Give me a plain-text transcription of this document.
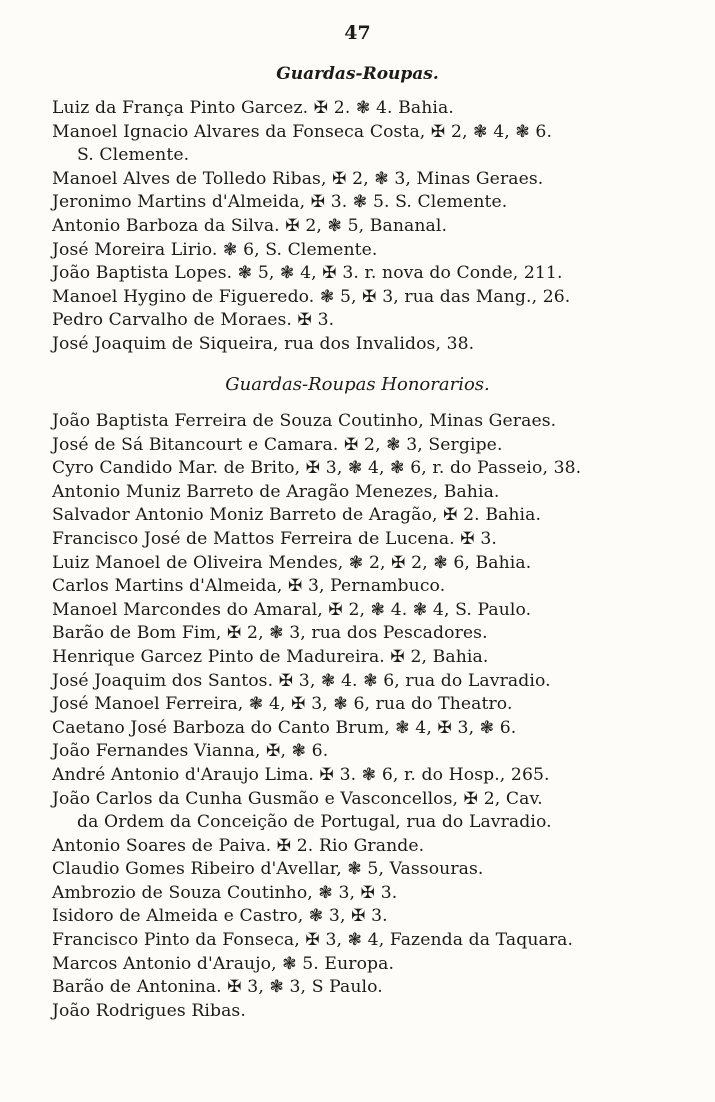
47
Guardas-Roupas.
Luiz da França Pinto Garcez. ✠ 2. ❃ 4. Bahia.
Manoel Ignacio Alvares da Fonseca Costa, ✠ 2, ❃ 4, ❃ 6.
S. Clemente.
Manoel Alves de Tolledo Ribas, ✠ 2, ❃ 3, Minas Geraes.
Jeronimo Martins d'Almeida, ✠ 3. ❃ 5. S. Clemente.
Antonio Barboza da Silva. ✠ 2, ❃ 5, Bananal.
José Moreira Lirio. ❃ 6, S. Clemente.
João Baptista Lopes. ❃ 5, ❃ 4, ✠ 3. r. nova do Conde, 211.
Manoel Hygino de Figueredo. ❃ 5, ✠ 3, rua das Mang., 26.
Pedro Carvalho de Moraes. ✠ 3.
José Joaquim de Siqueira, rua dos Invalidos, 38.
Guardas-Roupas Honorarios.
João Baptista Ferreira de Souza Coutinho, Minas Geraes.
José de Sá Bitancourt e Camara. ✠ 2, ❃ 3, Sergipe.
Cyro Candido Mar. de Brito, ✠ 3, ❃ 4, ❃ 6, r. do Passeio, 38.
Antonio Muniz Barreto de Aragão Menezes, Bahia.
Salvador Antonio Moniz Barreto de Aragão, ✠ 2. Bahia.
Francisco José de Mattos Ferreira de Lucena. ✠ 3.
Luiz Manoel de Oliveira Mendes, ❃ 2, ✠ 2, ❃ 6, Bahia.
Carlos Martins d'Almeida, ✠ 3, Pernambuco.
Manoel Marcondes do Amaral, ✠ 2, ❃ 4. ❃ 4, S. Paulo.
Barão de Bom Fim, ✠ 2, ❃ 3, rua dos Pescadores.
Henrique Garcez Pinto de Madureira. ✠ 2, Bahia.
José Joaquim dos Santos. ✠ 3, ❃ 4. ❃ 6, rua do Lavradio.
José Manoel Ferreira, ❃ 4, ✠ 3, ❃ 6, rua do Theatro.
Caetano José Barboza do Canto Brum, ❃ 4, ✠ 3, ❃ 6.
João Fernandes Vianna, ✠, ❃ 6.
André Antonio d'Araujo Lima. ✠ 3. ❃ 6, r. do Hosp., 265.
João Carlos da Cunha Gusmão e Vasconcellos, ✠ 2, Cav.
da Ordem da Conceição de Portugal, rua do Lavradio.
Antonio Soares de Paiva. ✠ 2. Rio Grande.
Claudio Gomes Ribeiro d'Avellar, ❃ 5, Vassouras.
Ambrozio de Souza Coutinho, ❃ 3, ✠ 3.
Isidoro de Almeida e Castro, ❃ 3, ✠ 3.
Francisco Pinto da Fonseca, ✠ 3, ❃ 4, Fazenda da Taquara.
Marcos Antonio d'Araujo, ❃ 5. Europa.
Barão de Antonina. ✠ 3, ❃ 3, S Paulo.
João Rodrigues Ribas.
